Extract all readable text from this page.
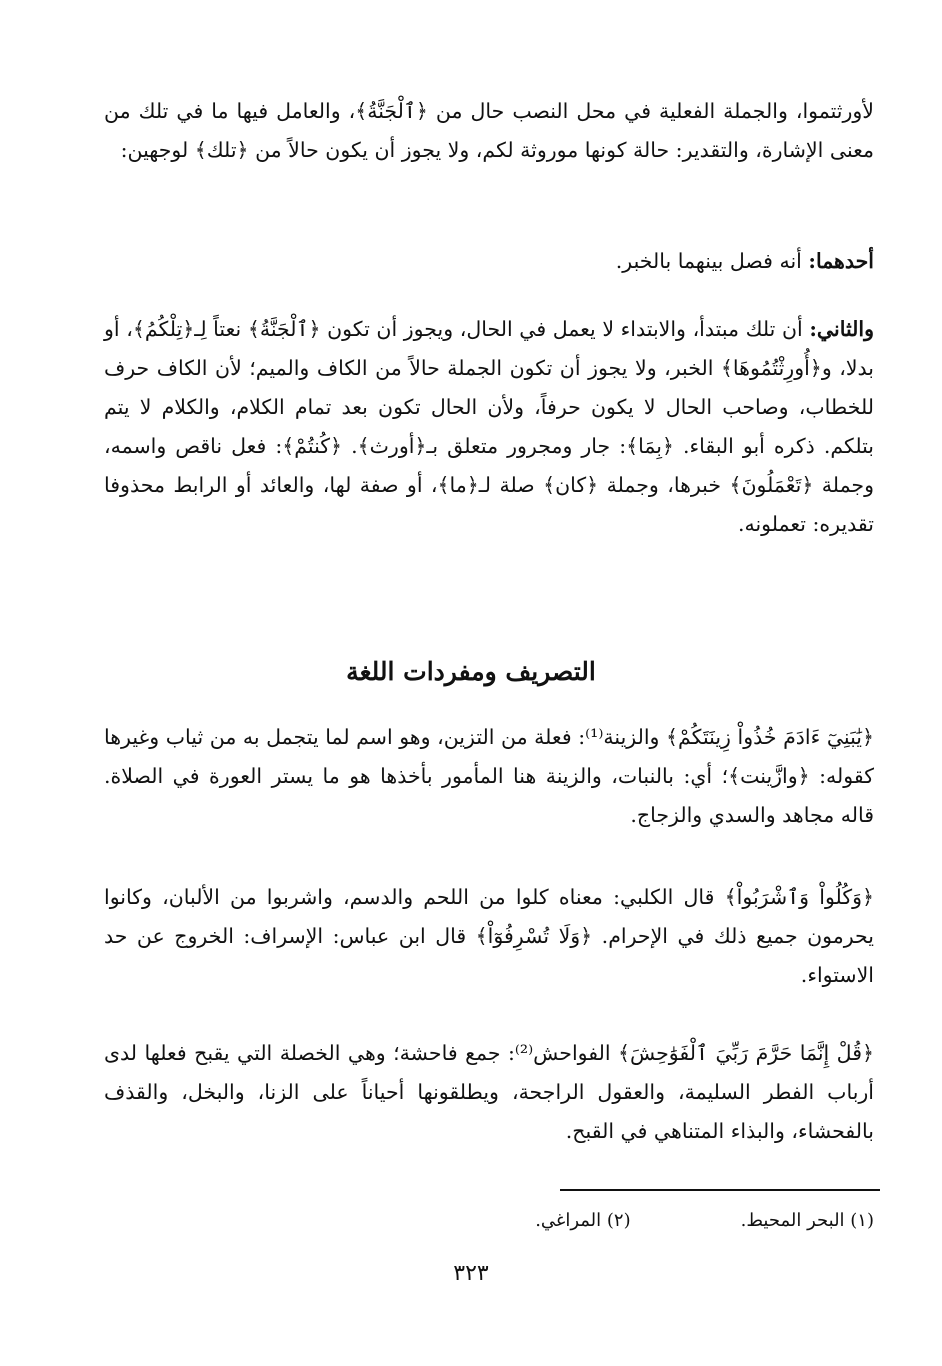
لأورثتموا، والجملة الفعلية في محل النصب حال من ﴿ٱلْجَنَّةُ﴾، والعامل فيها ما في تلك من معنى الإشارة، والتقدير: حالة كونها موروثة لكم، ولا يجوز أن يكون حالاً من ﴿تلك﴾ لوجهين:

أحدهما: أنه فصل بينهما بالخبر.

والثاني: أن تلك مبتدأ، والابتداء لا يعمل في الحال، ويجوز أن تكون ﴿ٱلْجَنَّةُ﴾ نعتاً لِـ﴿تِلْكُمُ﴾، أو بدلا، و﴿أُورِثْتُمُوهَا﴾ الخبر، ولا يجوز أن تكون الجملة حالاً من الكاف والميم؛ لأن الكاف حرف للخطاب، وصاحب الحال لا يكون حرفاً، ولأن الحال تكون بعد تمام الكلام، والكلام لا يتم بتلكم. ذكره أبو البقاء. ﴿بِمَا﴾: جار ومجرور متعلق بـ﴿أورث﴾. ﴿كُنتُمْ﴾: فعل ناقص واسمه، وجملة ﴿تَعْمَلُونَ﴾ خبرها، وجملة ﴿كان﴾ صلة لـ﴿ما﴾، أو صفة لها، والعائد أو الرابط محذوفا تقديره: تعملونه.

التصريف ومفردات اللغة

﴿يَٰبَنِيٓ ءَادَمَ خُذُواْ زِينَتَكُمْ﴾ والزينة⁽¹⁾: فعلة من التزين، وهو اسم لما يتجمل به من ثياب وغيرها كقوله: ﴿وازَّينت﴾؛ أي: بالنبات، والزينة هنا المأمور بأخذها هو ما يستر العورة في الصلاة. قاله مجاهد والسدي والزجاج.

﴿وَكُلُواْ وَٱشْرَبُواْ﴾ قال الكلبي: معناه كلوا من اللحم والدسم، واشربوا من الألبان، وكانوا يحرمون جميع ذلك في الإحرام. ﴿وَلَا تُسْرِفُوٓاْ﴾ قال ابن عباس: الإسراف: الخروج عن حد الاستواء.

﴿قُلْ إِنَّمَا حَرَّمَ رَبِّيَ ٱلْفَوَٰحِشَ﴾ الفواحش⁽²⁾: جمع فاحشة؛ وهي الخصلة التي يقبح فعلها لدى أرباب الفطر السليمة، والعقول الراجحة، ويطلقونها أحياناً على الزنا، والبخل، والقذف بالفحشاء، والبذاء المتناهي في القبح.

(١) البحر المحيط.
(٢) المراغي.
٣٢٣
